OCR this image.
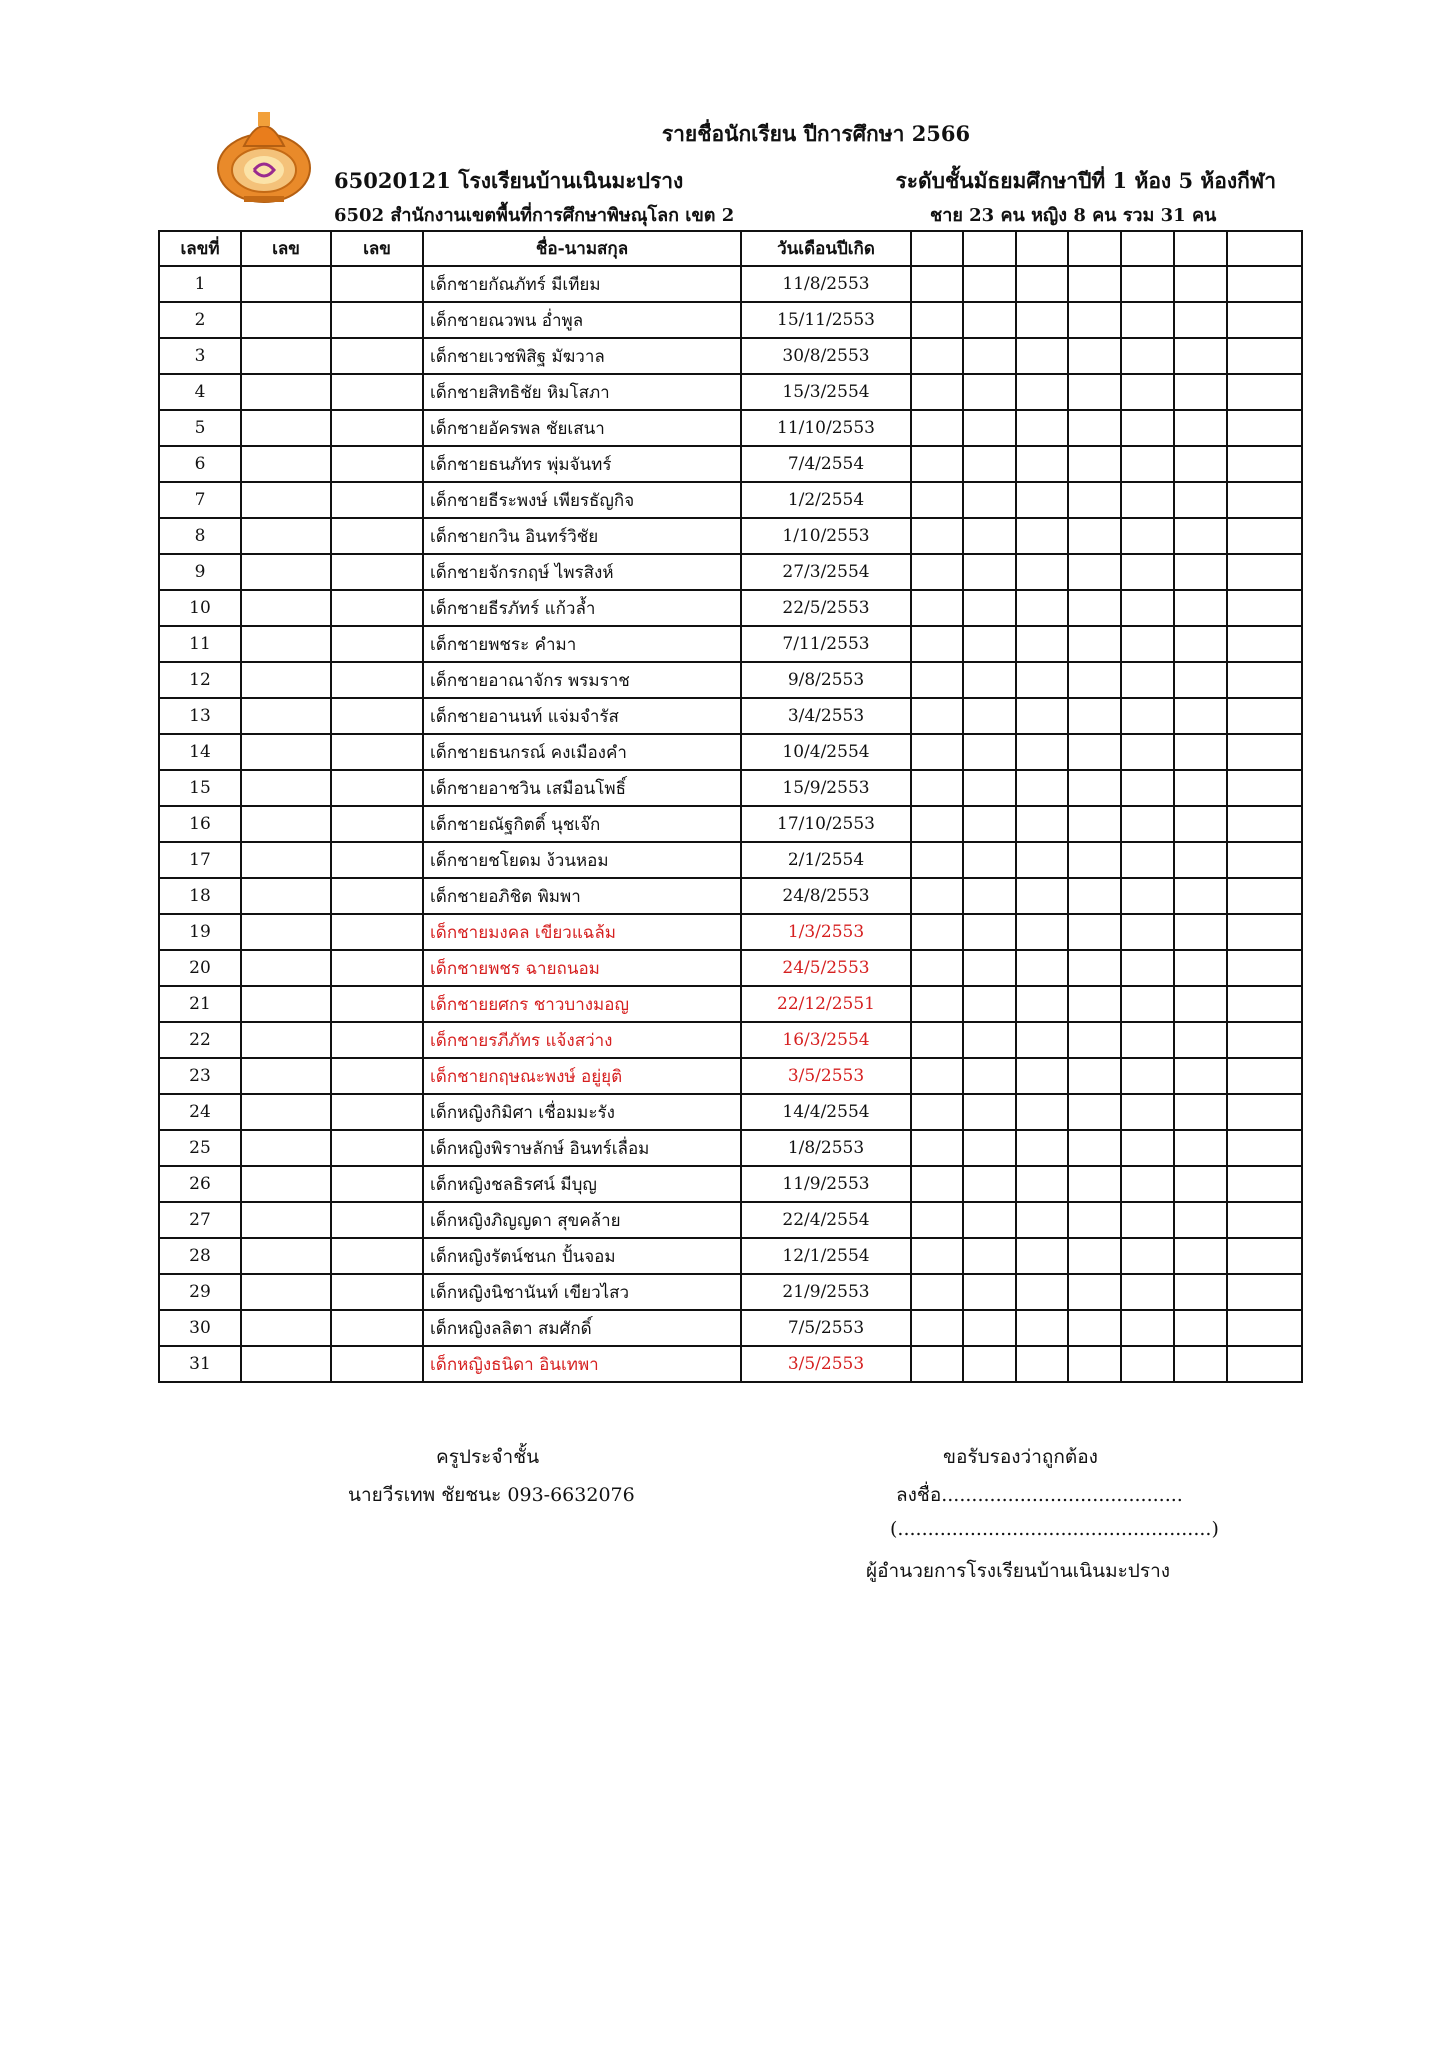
รายชื่อนักเรียน ปีการศึกษา 2566
65020121 โรงเรียนบ้านเนินมะปราง	ระดับชั้นมัธยมศึกษาปีที่ 1 ห้อง 5 ห้องกีฬา
6502 สำนักงานเขตพื้นที่การศึกษาพิษณุโลก เขต 2	ชาย 23 คน หญิง 8 คน รวม 31 คน
เลขที่	เลข	เลข	ชื่อ-นามสกุล	วันเดือนปีเกิด							
1			เด็กชายกัณภัทร์ มีเทียม	11/8/2553							
2			เด็กชายณวพน อ่ำพูล	15/11/2553							
3			เด็กชายเวชพิสิฐ มัฆวาล	30/8/2553							
4			เด็กชายสิทธิชัย หิมโสภา	15/3/2554							
5			เด็กชายอัครพล ชัยเสนา	11/10/2553							
6			เด็กชายธนภัทร พุ่มจันทร์	7/4/2554							
7			เด็กชายธีระพงษ์ เพียรธัญกิจ	1/2/2554							
8			เด็กชายกวิน อินทร์วิชัย	1/10/2553							
9			เด็กชายจักรกฤษ์ ไพรสิงห์	27/3/2554							
10			เด็กชายธีรภัทร์ แก้วล้ำ	22/5/2553							
11			เด็กชายพชระ คำมา	7/11/2553							
12			เด็กชายอาณาจักร พรมราช	9/8/2553							
13			เด็กชายอานนท์ แจ่มจำรัส	3/4/2553							
14			เด็กชายธนกรณ์ คงเมืองคำ	10/4/2554							
15			เด็กชายอาชวิน เสมือนโพธิ์	15/9/2553							
16			เด็กชายณัฐกิตติ์ นุชเจ๊ก	17/10/2553							
17			เด็กชายชโยดม ง้วนหอม	2/1/2554							
18			เด็กชายอภิชิต พิมพา	24/8/2553							
19			เด็กชายมงคล เขียวแฉล้ม	1/3/2553							
20			เด็กชายพชร ฉายถนอม	24/5/2553							
21			เด็กชายยศกร ชาวบางมอญ	22/12/2551							
22			เด็กชายรภีภัทร แจ้งสว่าง	16/3/2554							
23			เด็กชายกฤษณะพงษ์ อยู่ยุติ	3/5/2553							
24			เด็กหญิงกิมิศา เชื่อมมะรัง	14/4/2554							
25			เด็กหญิงพิราษลักษ์ อินทร์เลื่อม	1/8/2553							
26			เด็กหญิงชลธิรศน์ มีบุญ	11/9/2553							
27			เด็กหญิงภิญญดา สุขคล้าย	22/4/2554							
28			เด็กหญิงรัตน์ชนก ปั้นจอม	12/1/2554							
29			เด็กหญิงนิชานันท์ เขียวไสว	21/9/2553							
30			เด็กหญิงลลิตา สมศักดิ์	7/5/2553							
31			เด็กหญิงธนิดา อินเทพา	3/5/2553							
ครูประจำชั้น
นายวีรเทพ ชัยชนะ 093-6632076
ขอรับรองว่าถูกต้อง
ลงชื่อ........................................
(....................................................)
ผู้อำนวยการโรงเรียนบ้านเนินมะปราง
